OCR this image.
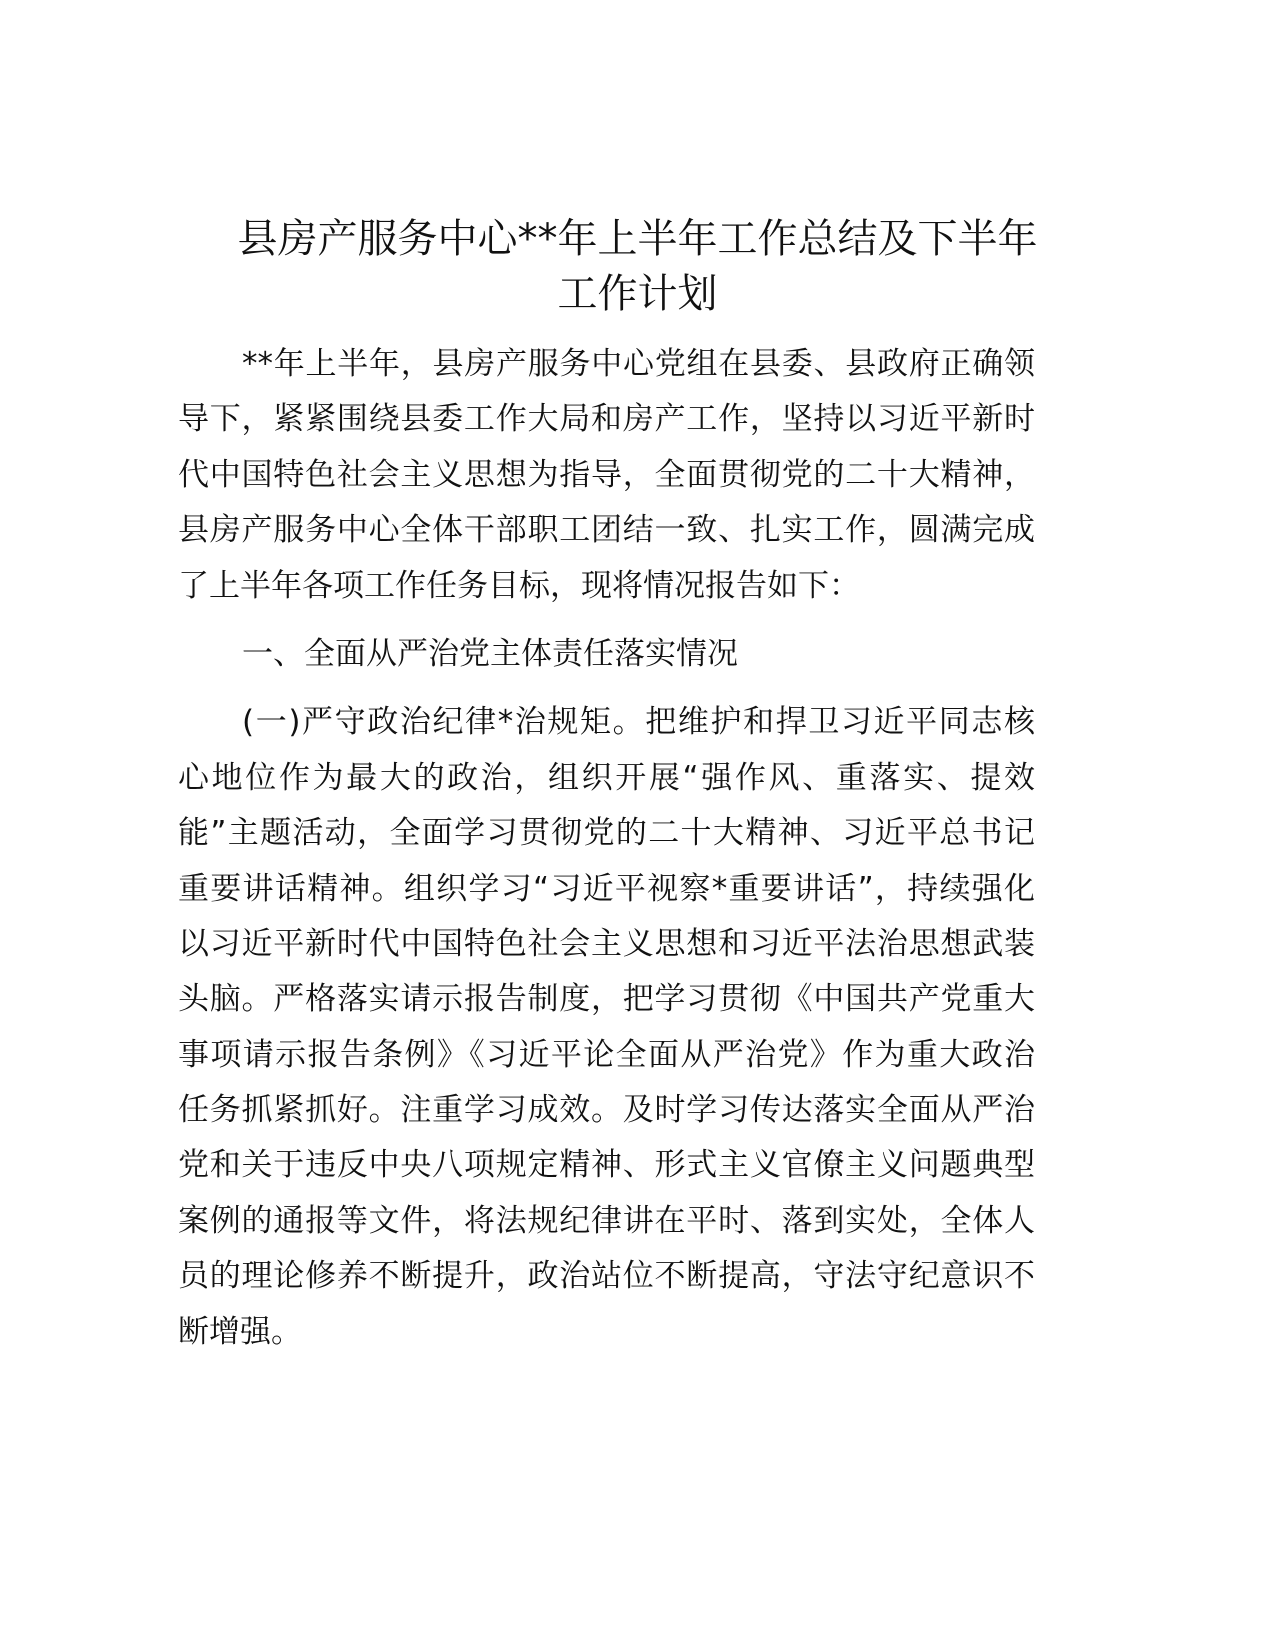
县房产服务中心**年上半年工作总结及下半年
工作计划
**年上半年，县房产服务中心党组在县委、县政府正确领
导下，紧紧围绕县委工作大局和房产工作，坚持以习近平新时
代中国特色社会主义思想为指导，全面贯彻党的二十大精神，
县房产服务中心全体干部职工团结一致、扎实工作，圆满完成
了上半年各项工作任务目标，现将情况报告如下：
一、全面从严治党主体责任落实情况
(一)严守政治纪律*治规矩。把维护和捍卫习近平同志核
心地位作为最大的政治，组织开展“强作风、重落实、提效
能”主题活动，全面学习贯彻党的二十大精神、习近平总书记
重要讲话精神。组织学习“习近平视察*重要讲话”，持续强化
以习近平新时代中国特色社会主义思想和习近平法治思想武装
头脑。严格落实请示报告制度，把学习贯彻《中国共产党重大
事项请示报告条例》《习近平论全面从严治党》作为重大政治
任务抓紧抓好。注重学习成效。及时学习传达落实全面从严治
党和关于违反中央八项规定精神、形式主义官僚主义问题典型
案例的通报等文件，将法规纪律讲在平时、落到实处，全体人
员的理论修养不断提升，政治站位不断提高，守法守纪意识不
断增强。
